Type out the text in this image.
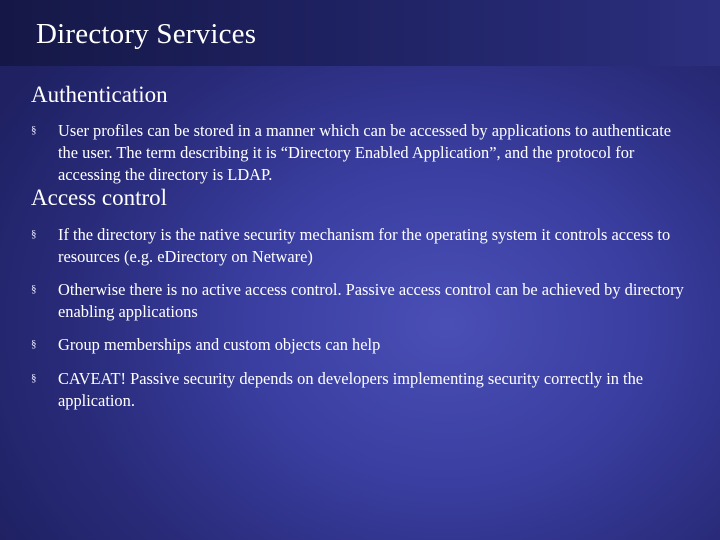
Directory Services
Authentication
§	User profiles can be stored in a manner which can be accessed by applications to authenticate the user. The term describing it is “Directory Enabled Application”, and the protocol for accessing the directory is LDAP.
Access control
§	If the directory is the native security mechanism for the operating system it controls access to resources (e.g. eDirectory on Netware)
§	Otherwise there is no active access control. Passive access control can be achieved by directory enabling applications
§	Group memberships and custom objects can help
§	CAVEAT! Passive security depends on developers implementing security correctly in the application.
